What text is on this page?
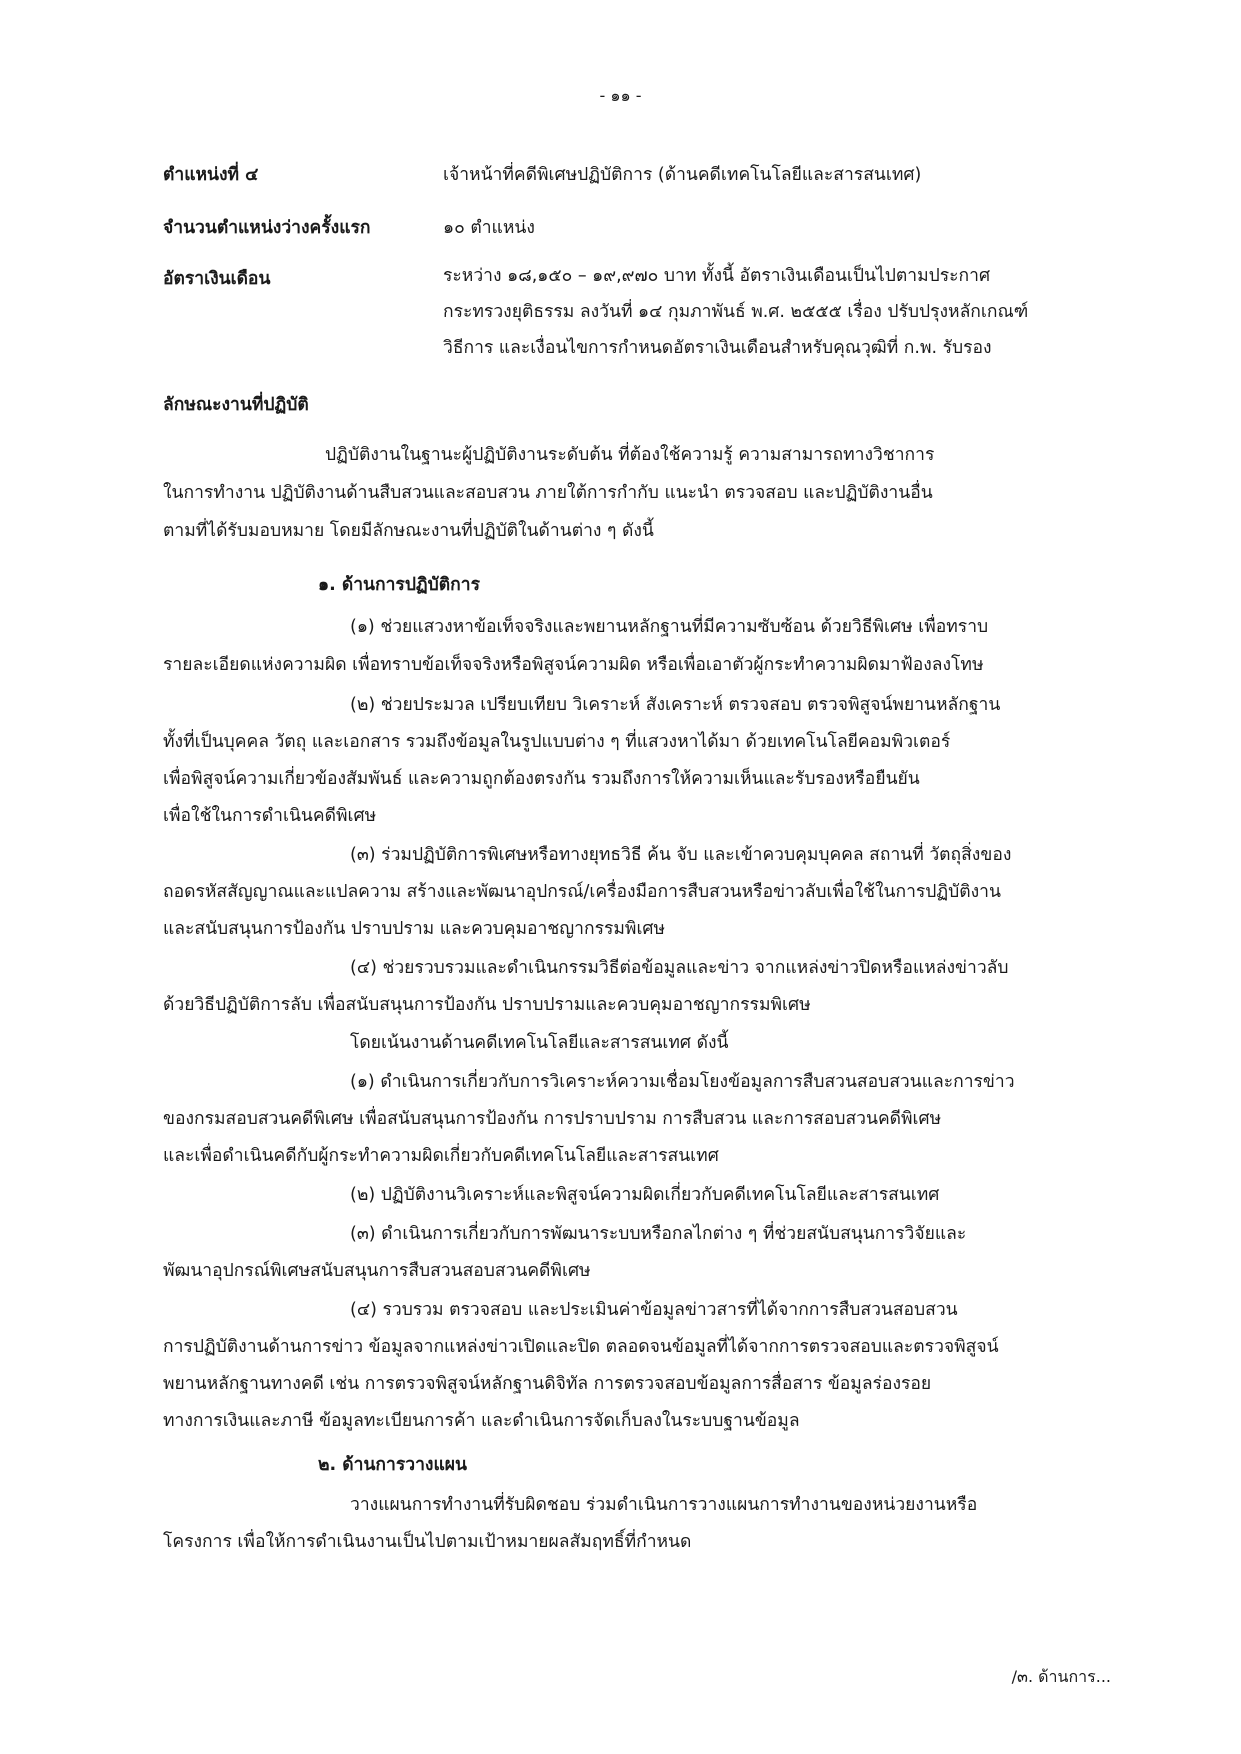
- ๑๑ -
ตำแหน่งที่ ๔	เจ้าหน้าที่คดีพิเศษปฏิบัติการ (ด้านคดีเทคโนโลยีและสารสนเทศ)
จำนวนตำแหน่งว่างครั้งแรก	๑๐ ตำแหน่ง
อัตราเงินเดือน	ระหว่าง ๑๘,๑๕๐ – ๑๙,๙๗๐ บาท ทั้งนี้ อัตราเงินเดือนเป็นไปตามประกาศ
กระทรวงยุติธรรม ลงวันที่ ๑๔ กุมภาพันธ์ พ.ศ. ๒๕๕๕ เรื่อง ปรับปรุงหลักเกณฑ์
วิธีการ และเงื่อนไขการกำหนดอัตราเงินเดือนสำหรับคุณวุฒิที่ ก.พ. รับรอง
ลักษณะงานที่ปฏิบัติ
ปฏิบัติงานในฐานะผู้ปฏิบัติงานระดับต้น ที่ต้องใช้ความรู้ ความสามารถทางวิชาการ
ในการทำงาน ปฏิบัติงานด้านสืบสวนและสอบสวน ภายใต้การกำกับ แนะนำ ตรวจสอบ และปฏิบัติงานอื่น
ตามที่ได้รับมอบหมาย โดยมีลักษณะงานที่ปฏิบัติในด้านต่าง ๆ ดังนี้
๑. ด้านการปฏิบัติการ
(๑) ช่วยแสวงหาข้อเท็จจริงและพยานหลักฐานที่มีความซับซ้อน ด้วยวิธีพิเศษ เพื่อทราบ
รายละเอียดแห่งความผิด เพื่อทราบข้อเท็จจริงหรือพิสูจน์ความผิด หรือเพื่อเอาตัวผู้กระทำความผิดมาฟ้องลงโทษ
(๒) ช่วยประมวล เปรียบเทียบ วิเคราะห์ สังเคราะห์ ตรวจสอบ ตรวจพิสูจน์พยานหลักฐาน
ทั้งที่เป็นบุคคล วัตถุ และเอกสาร รวมถึงข้อมูลในรูปแบบต่าง ๆ ที่แสวงหาได้มา ด้วยเทคโนโลยีคอมพิวเตอร์
เพื่อพิสูจน์ความเกี่ยวข้องสัมพันธ์ และความถูกต้องตรงกัน รวมถึงการให้ความเห็นและรับรองหรือยืนยัน
เพื่อใช้ในการดำเนินคดีพิเศษ
(๓) ร่วมปฏิบัติการพิเศษหรือทางยุทธวิธี ค้น จับ และเข้าควบคุมบุคคล สถานที่ วัตถุสิ่งของ
ถอดรหัสสัญญาณและแปลความ สร้างและพัฒนาอุปกรณ์/เครื่องมือการสืบสวนหรือข่าวลับเพื่อใช้ในการปฏิบัติงาน
และสนับสนุนการป้องกัน ปราบปราม และควบคุมอาชญากรรมพิเศษ
(๔) ช่วยรวบรวมและดำเนินกรรมวิธีต่อข้อมูลและข่าว จากแหล่งข่าวปิดหรือแหล่งข่าวลับ
ด้วยวิธีปฏิบัติการลับ เพื่อสนับสนุนการป้องกัน ปราบปรามและควบคุมอาชญากรรมพิเศษ
โดยเน้นงานด้านคดีเทคโนโลยีและสารสนเทศ ดังนี้
(๑) ดำเนินการเกี่ยวกับการวิเคราะห์ความเชื่อมโยงข้อมูลการสืบสวนสอบสวนและการข่าว
ของกรมสอบสวนคดีพิเศษ เพื่อสนับสนุนการป้องกัน การปราบปราม การสืบสวน และการสอบสวนคดีพิเศษ
และเพื่อดำเนินคดีกับผู้กระทำความผิดเกี่ยวกับคดีเทคโนโลยีและสารสนเทศ
(๒) ปฏิบัติงานวิเคราะห์และพิสูจน์ความผิดเกี่ยวกับคดีเทคโนโลยีและสารสนเทศ
(๓) ดำเนินการเกี่ยวกับการพัฒนาระบบหรือกลไกต่าง ๆ ที่ช่วยสนับสนุนการวิจัยและ
พัฒนาอุปกรณ์พิเศษสนับสนุนการสืบสวนสอบสวนคดีพิเศษ
(๔) รวบรวม ตรวจสอบ และประเมินค่าข้อมูลข่าวสารที่ได้จากการสืบสวนสอบสวน
การปฏิบัติงานด้านการข่าว ข้อมูลจากแหล่งข่าวเปิดและปิด ตลอดจนข้อมูลที่ได้จากการตรวจสอบและตรวจพิสูจน์
พยานหลักฐานทางคดี เช่น การตรวจพิสูจน์หลักฐานดิจิทัล การตรวจสอบข้อมูลการสื่อสาร ข้อมูลร่องรอย
ทางการเงินและภาษี ข้อมูลทะเบียนการค้า และดำเนินการจัดเก็บลงในระบบฐานข้อมูล
๒. ด้านการวางแผน
วางแผนการทำงานที่รับผิดชอบ ร่วมดำเนินการวางแผนการทำงานของหน่วยงานหรือ
โครงการ เพื่อให้การดำเนินงานเป็นไปตามเป้าหมายผลสัมฤทธิ์ที่กำหนด
/๓. ด้านการ...
